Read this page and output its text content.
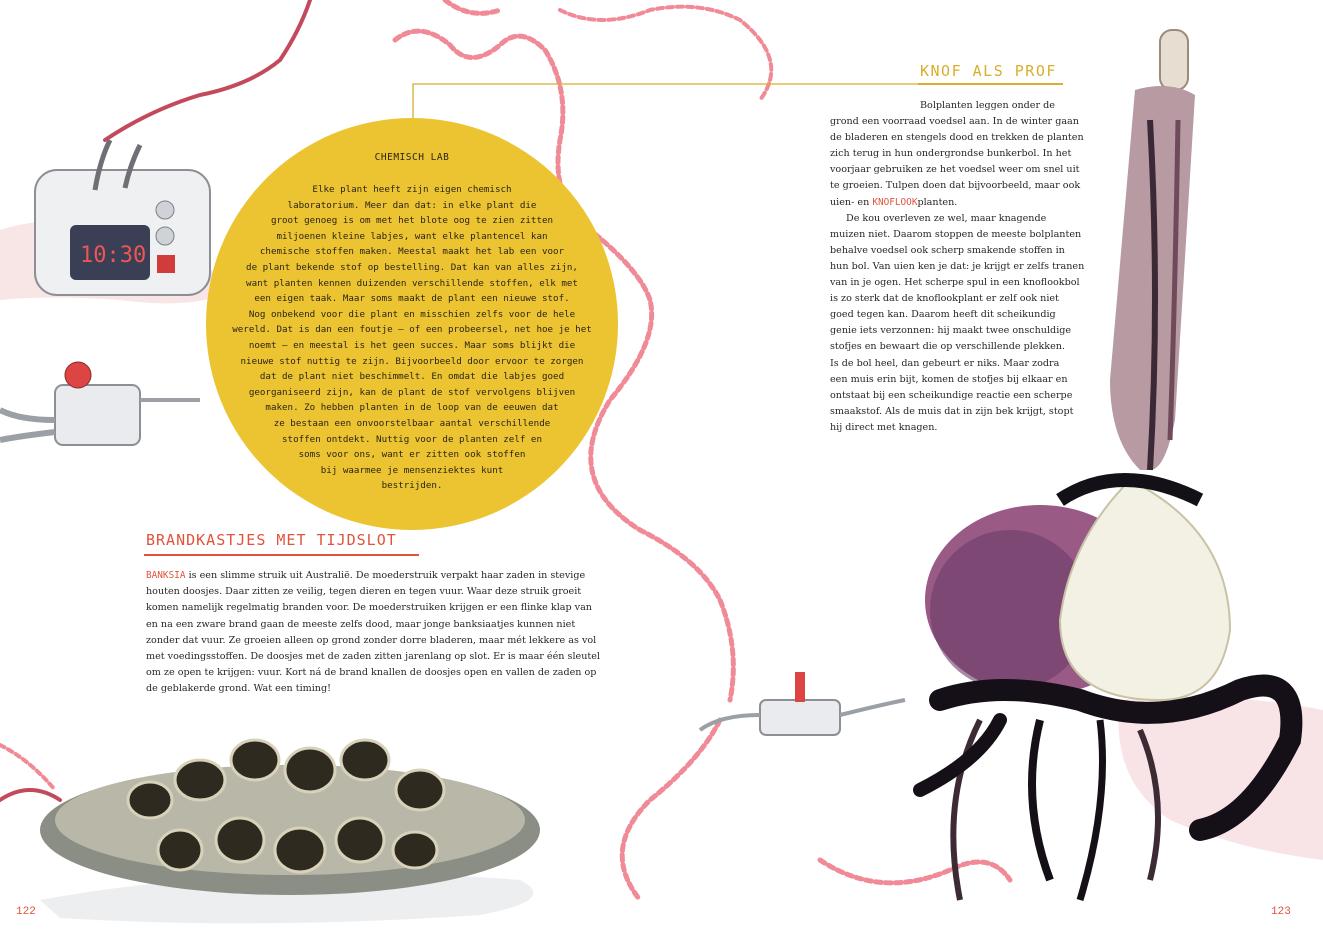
10:30
CHEMISCH LAB
Elke plant heeft zijn eigen chemisch
laboratorium. Meer dan dat: in elke plant die
groot genoeg is om met het blote oog te zien zitten
miljoenen kleine labjes, want elke plantencel kan
chemische stoffen maken. Meestal maakt het lab een voor
de plant bekende stof op bestelling. Dat kan van alles zijn,
want planten kennen duizenden verschillende stoffen, elk met
een eigen taak. Maar soms maakt de plant een nieuwe stof.
Nog onbekend voor die plant en misschien zelfs voor de hele
wereld. Dat is dan een foutje – of een probeersel, net hoe je het
noemt – en meestal is het geen succes. Maar soms blijkt die
nieuwe stof nuttig te zijn. Bijvoorbeeld door ervoor te zorgen
dat de plant niet beschimmelt. En omdat die labjes goed
georganiseerd zijn, kan de plant de stof vervolgens blijven
maken. Zo hebben planten in de loop van de eeuwen dat
ze bestaan een onvoorstelbaar aantal verschillende
stoffen ontdekt. Nuttig voor de planten zelf en
soms voor ons, want er zitten ook stoffen
bij waarmee je mensenziektes kunt
bestrijden.
BRANDKASTJES MET TIJDSLOT
BANKSIA is een slimme struik uit Australië. De moederstruik verpakt haar zaden in stevige
houten doosjes. Daar zitten ze veilig, tegen dieren en tegen vuur. Waar deze struik groeit
komen namelijk regelmatig branden voor. De moederstruiken krijgen er een flinke klap van
en na een zware brand gaan de meeste zelfs dood, maar jonge banksiaatjes kunnen niet
zonder dat vuur. Ze groeien alleen op grond zonder dorre bladeren, maar mét lekkere as vol
met voedingsstoffen. De doosjes met de zaden zitten jarenlang op slot. Er is maar één sleutel
om ze open te krijgen: vuur. Kort ná de brand knallen de doosjes open en vallen de zaden op
de geblakerde grond. Wat een timing!
KNOF ALS PROF
Bolplanten leggen onder de
grond een voorraad voedsel aan. In de winter gaan
de bladeren en stengels dood en trekken de planten
zich terug in hun ondergrondse bunkerbol. In het
voorjaar gebruiken ze het voedsel weer om snel uit
te groeien. Tulpen doen dat bijvoorbeeld, maar ook
uien- en KNOFLOOKplanten.
De kou overleven ze wel, maar knagende
muizen niet. Daarom stoppen de meeste bolplanten
behalve voedsel ook scherp smakende stoffen in
hun bol. Van uien ken je dat: je krijgt er zelfs tranen
van in je ogen. Het scherpe spul in een knoflookbol
is zo sterk dat de knoflookplant er zelf ook niet
goed tegen kan. Daarom heeft dit scheikundig
genie iets verzonnen: hij maakt twee onschuldige
stofjes en bewaart die op verschillende plekken.
Is de bol heel, dan gebeurt er niks. Maar zodra
een muis erin bijt, komen de stofjes bij elkaar en
ontstaat bij een scheikundige reactie een scherpe
smaakstof. Als de muis dat in zijn bek krijgt, stopt
hij direct met knagen.
122	123
